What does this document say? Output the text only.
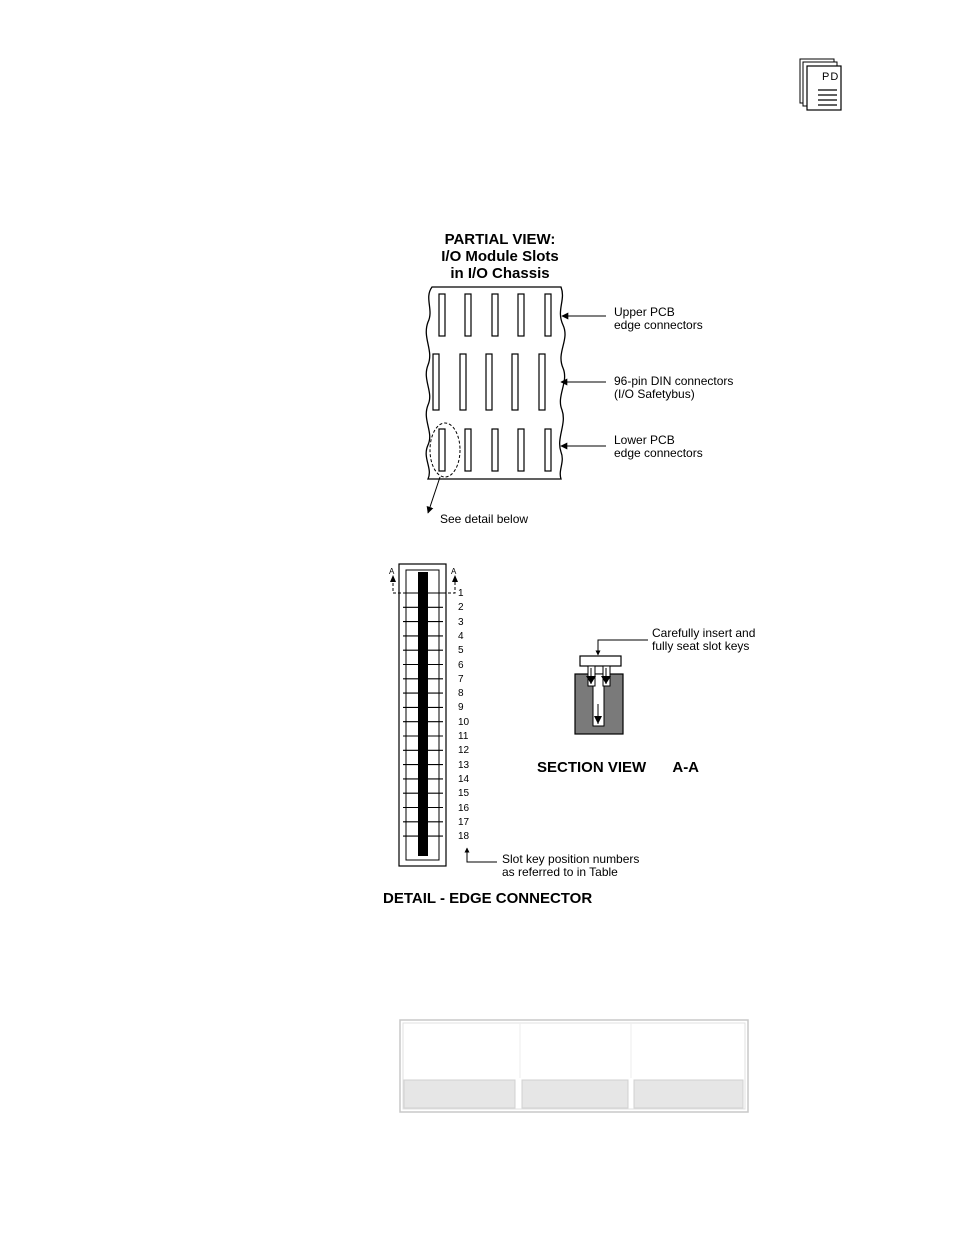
PD
PARTIAL VIEW:
I/O Module Slots
in I/O Chassis
Upper PCB
edge connectors
96-pin DIN connectors
(I/O Safetybus)
Lower PCB
edge connectors
See detail below
A	A
1
2
3
4
5
6
7
8
9
10
11
12
13
14
15
16
17
18
Slot key position numbers
as referred to in Table
DETAIL - EDGE CONNECTOR
Carefully insert and
fully seat slot keys
SECTION VIEW A-A
